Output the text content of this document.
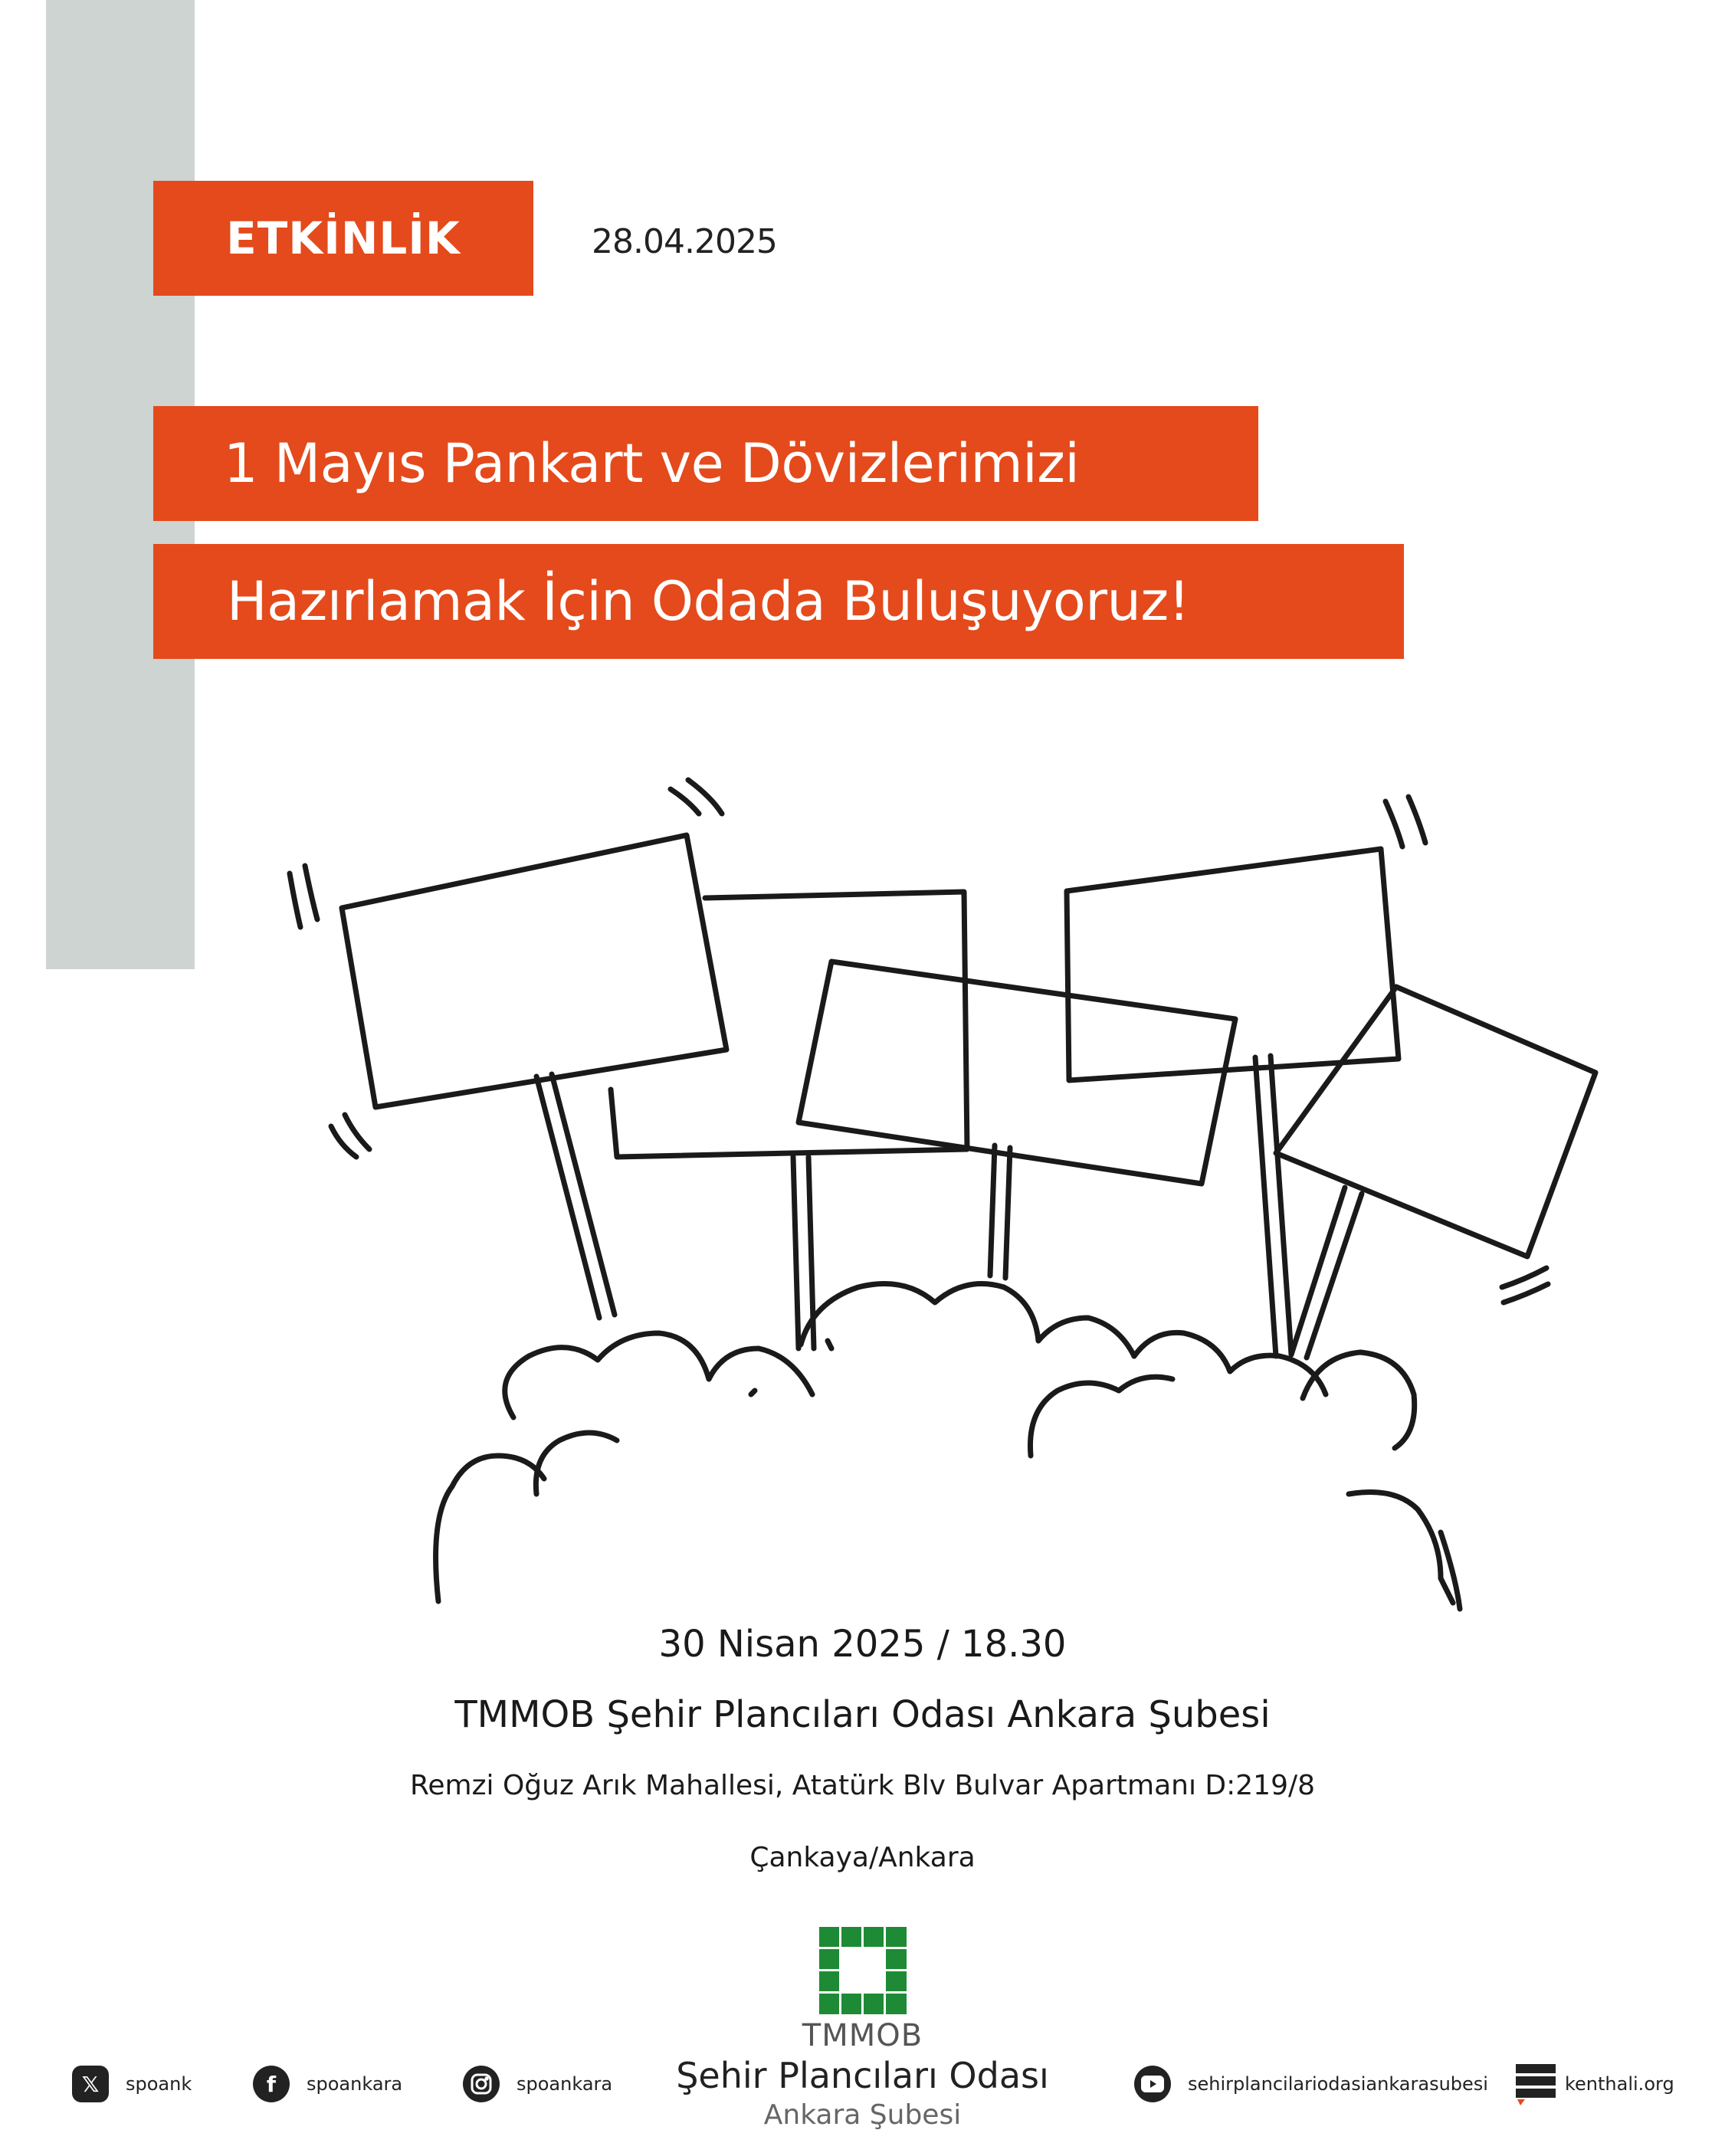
ETKİNLİK	28.04.2025
1 Mayıs Pankart ve Dövizlerimizi
Hazırlamak İçin Odada Buluşuyoruz!
30 Nisan 2025 / 18.30
TMMOB Şehir Plancıları Odası Ankara Şubesi
Remzi Oğuz Arık Mahallesi, Atatürk Blv Bulvar Apartmanı D:219/8
Çankaya/Ankara
TMMOB
Şehir Plancıları Odası
Ankara Şubesi
𝕏	spoank	f	spoankara	spoankara	sehirplancilariodasiankarasubesi	kenthali.org
